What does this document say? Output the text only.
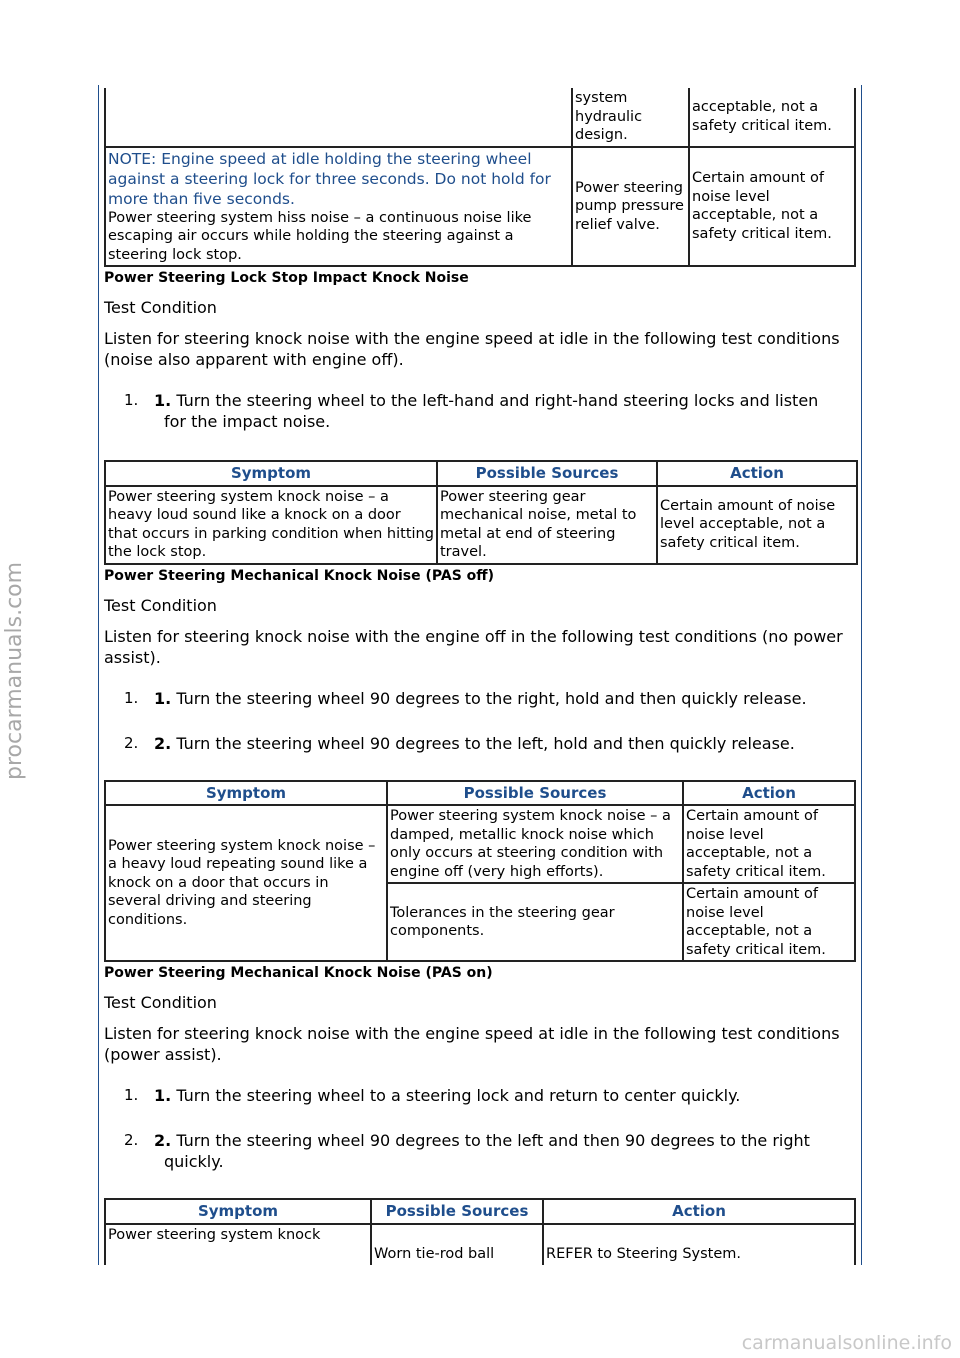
procarmanuals.com
carmanualsonline.info
	system hydraulic design.	acceptable, not a safety critical item.

NOTE: Engine speed at idle holding the steering wheel against a steering lock for three seconds. Do not hold for more than five seconds.
Power steering system hiss noise – a continuous noise like escaping air occurs while holding the steering against a steering lock stop.	Power steering pump pressure relief valve.	Certain amount of noise level acceptable, not a safety critical item.
Power Steering Lock Stop Impact Knock Noise
Test Condition
Listen for steering knock noise with the engine speed at idle in the following test conditions (noise also apparent with engine off).
1. 1. Turn the steering wheel to the left-hand and right-hand steering locks and listen
for the impact noise.
Symptom	Possible Sources	Action
Power steering system knock noise – a heavy loud sound like a knock on a door that occurs in parking condition when hitting the lock stop.	Power steering gear mechanical noise, metal to metal at end of steering travel.	Certain amount of noise level acceptable, not a safety critical item.
Power Steering Mechanical Knock Noise (PAS off)
Test Condition
Listen for steering knock noise with the engine off in the following test conditions (no power assist).
1. 1. Turn the steering wheel 90 degrees to the right, hold and then quickly release.
2. 2. Turn the steering wheel 90 degrees to the left, hold and then quickly release.
Symptom	Possible Sources	Action
Power steering system knock noise – a heavy loud repeating sound like a knock on a door that occurs in several driving and steering conditions.	Power steering system knock noise – a damped, metallic knock noise which only occurs at steering condition with engine off (very high efforts).	Certain amount of noise level acceptable, not a safety critical item.
	Tolerances in the steering gear components.	Certain amount of noise level acceptable, not a safety critical item.
Power Steering Mechanical Knock Noise (PAS on)
Test Condition
Listen for steering knock noise with the engine speed at idle in the following test conditions (power assist).
1. 1. Turn the steering wheel to a steering lock and return to center quickly.
2. 2. Turn the steering wheel 90 degrees to the left and then 90 degrees to the right
quickly.
Symptom	Possible Sources	Action
Power steering system knock	Worn tie-rod ball	REFER to Steering System.
